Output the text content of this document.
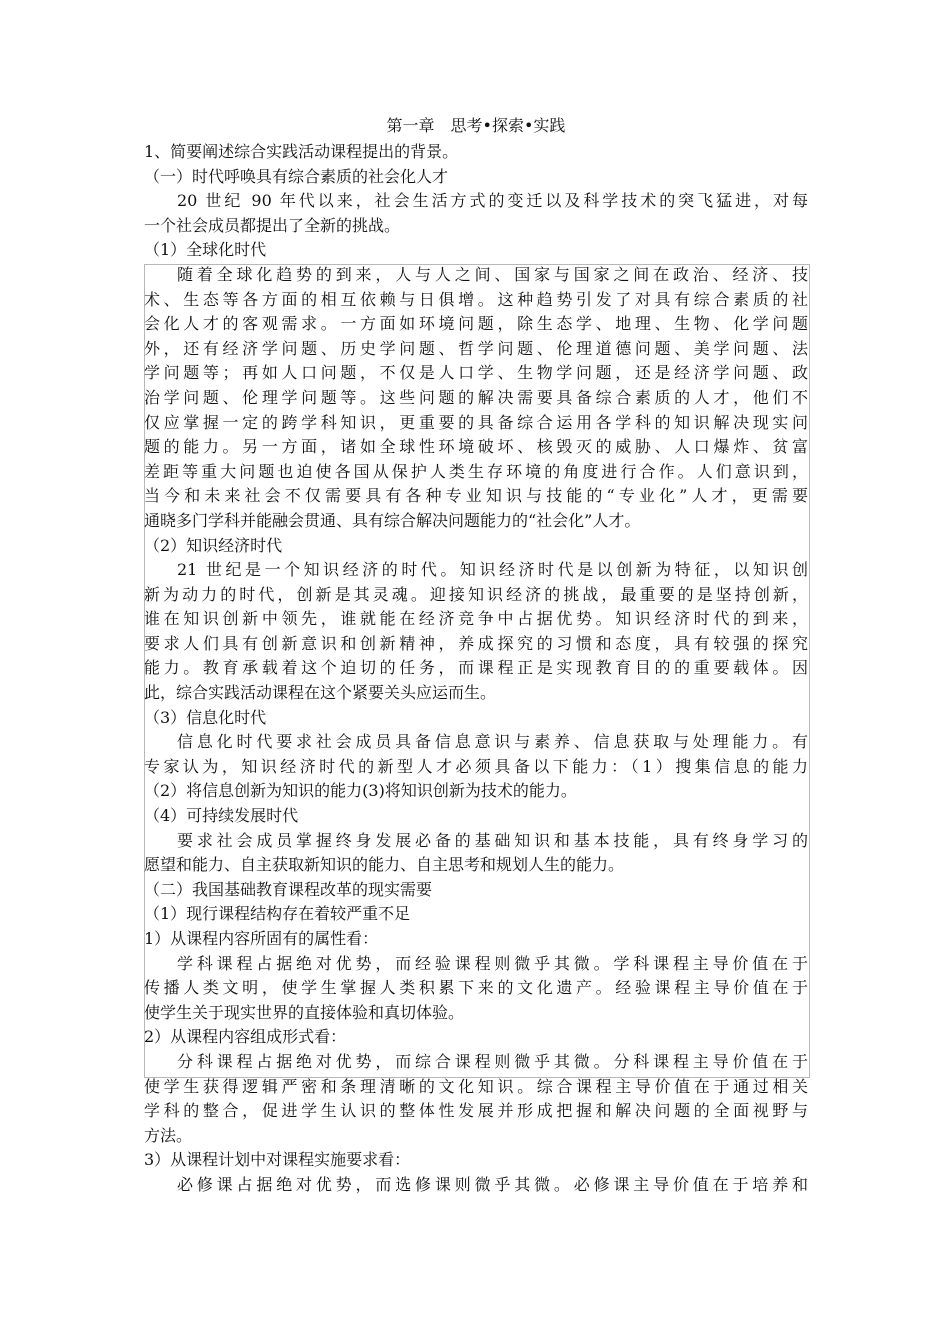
第一章　思考•探索•实践
1、简要阐述综合实践活动课程提出的背景。
（一）时代呼唤具有综合素质的社会化人才
20 世纪 90 年代以来，社会生活方式的变迁以及科学技术的突飞猛进，对每
一个社会成员都提出了全新的挑战。
（1）全球化时代
随着全球化趋势的到来，人与人之间、国家与国家之间在政治、经济、技
术、生态等各方面的相互依赖与日俱增。这种趋势引发了对具有综合素质的社
会化人才的客观需求。一方面如环境问题，除生态学、地理、生物、化学问题
外，还有经济学问题、历史学问题、哲学问题、伦理道德问题、美学问题、法
学问题等；再如人口问题，不仅是人口学、生物学问题，还是经济学问题、政
治学问题、伦理学问题等。这些问题的解决需要具备综合素质的人才，他们不
仅应掌握一定的跨学科知识，更重要的具备综合运用各学科的知识解决现实问
题的能力。另一方面，诸如全球性环境破坏、核毁灭的威胁、人口爆炸、贫富
差距等重大问题也迫使各国从保护人类生存环境的角度进行合作。人们意识到，
当今和未来社会不仅需要具有各种专业知识与技能的“专业化”人才，更需要
通晓多门学科并能融会贯通、具有综合解决问题能力的“社会化”人才。
（2）知识经济时代
21 世纪是一个知识经济的时代。知识经济时代是以创新为特征，以知识创
新为动力的时代，创新是其灵魂。迎接知识经济的挑战，最重要的是坚持创新，
谁在知识创新中领先，谁就能在经济竞争中占据优势。知识经济时代的到来，
要求人们具有创新意识和创新精神，养成探究的习惯和态度，具有较强的探究
能力。教育承载着这个迫切的任务，而课程正是实现教育目的的重要载体。因
此，综合实践活动课程在这个紧要关头应运而生。
（3）信息化时代
信息化时代要求社会成员具备信息意识与素养、信息获取与处理能力。有
专家认为，知识经济时代的新型人才必须具备以下能力：（1）搜集信息的能力
（2）将信息创新为知识的能力(3)将知识创新为技术的能力。
（4）可持续发展时代
要求社会成员掌握终身发展必备的基础知识和基本技能，具有终身学习的
愿望和能力、自主获取新知识的能力、自主思考和规划人生的能力。
（二）我国基础教育课程改革的现实需要
（1）现行课程结构存在着较严重不足
1）从课程内容所固有的属性看：
学科课程占据绝对优势，而经验课程则微乎其微。学科课程主导价值在于
传播人类文明，使学生掌握人类积累下来的文化遗产。经验课程主导价值在于
使学生关于现实世界的直接体验和真切体验。
2）从课程内容组成形式看：
分科课程占据绝对优势，而综合课程则微乎其微。分科课程主导价值在于
使学生获得逻辑严密和条理清晰的文化知识。综合课程主导价值在于通过相关
学科的整合，促进学生认识的整体性发展并形成把握和解决问题的全面视野与
方法。
3）从课程计划中对课程实施要求看：
必修课占据绝对优势，而选修课则微乎其微。必修课主导价值在于培养和
